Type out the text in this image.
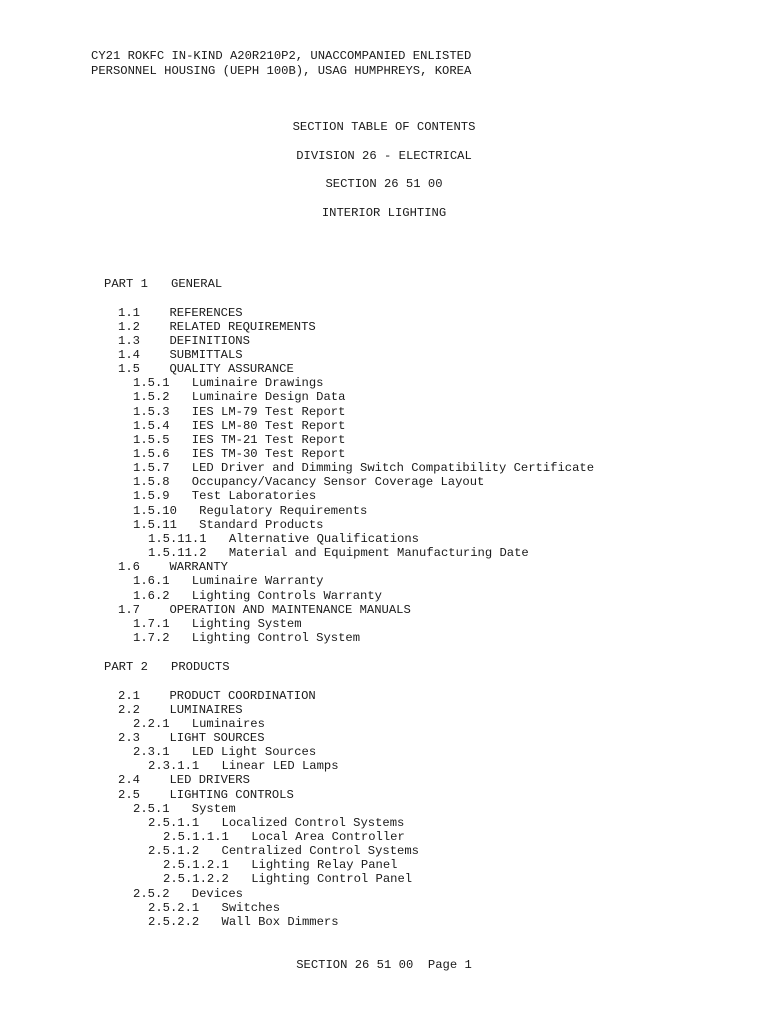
CY21 ROKFC IN-KIND A20R210P2, UNACCOMPANIED ENLISTED
PERSONNEL HOUSING (UEPH 100B), USAG HUMPHREYS, KOREA
SECTION TABLE OF CONTENTS
DIVISION 26 - ELECTRICAL
SECTION 26 51 00
INTERIOR LIGHTING
PART 1 GENERAL
1.1 REFERENCES
1.2 RELATED REQUIREMENTS
1.3 DEFINITIONS
1.4 SUBMITTALS
1.5 QUALITY ASSURANCE
1.5.1 Luminaire Drawings
1.5.2 Luminaire Design Data
1.5.3 IES LM-79 Test Report
1.5.4 IES LM-80 Test Report
1.5.5 IES TM-21 Test Report
1.5.6 IES TM-30 Test Report
1.5.7 LED Driver and Dimming Switch Compatibility Certificate
1.5.8 Occupancy/Vacancy Sensor Coverage Layout
1.5.9 Test Laboratories
1.5.10 Regulatory Requirements
1.5.11 Standard Products
1.5.11.1 Alternative Qualifications
1.5.11.2 Material and Equipment Manufacturing Date
1.6 WARRANTY
1.6.1 Luminaire Warranty
1.6.2 Lighting Controls Warranty
1.7 OPERATION AND MAINTENANCE MANUALS
1.7.1 Lighting System
1.7.2 Lighting Control System
PART 2 PRODUCTS
2.1 PRODUCT COORDINATION
2.2 LUMINAIRES
2.2.1 Luminaires
2.3 LIGHT SOURCES
2.3.1 LED Light Sources
2.3.1.1 Linear LED Lamps
2.4 LED DRIVERS
2.5 LIGHTING CONTROLS
2.5.1 System
2.5.1.1 Localized Control Systems
2.5.1.1.1 Local Area Controller
2.5.1.2 Centralized Control Systems
2.5.1.2.1 Lighting Relay Panel
2.5.1.2.2 Lighting Control Panel
2.5.2 Devices
2.5.2.1 Switches
2.5.2.2 Wall Box Dimmers
SECTION 26 51 00  Page 1
